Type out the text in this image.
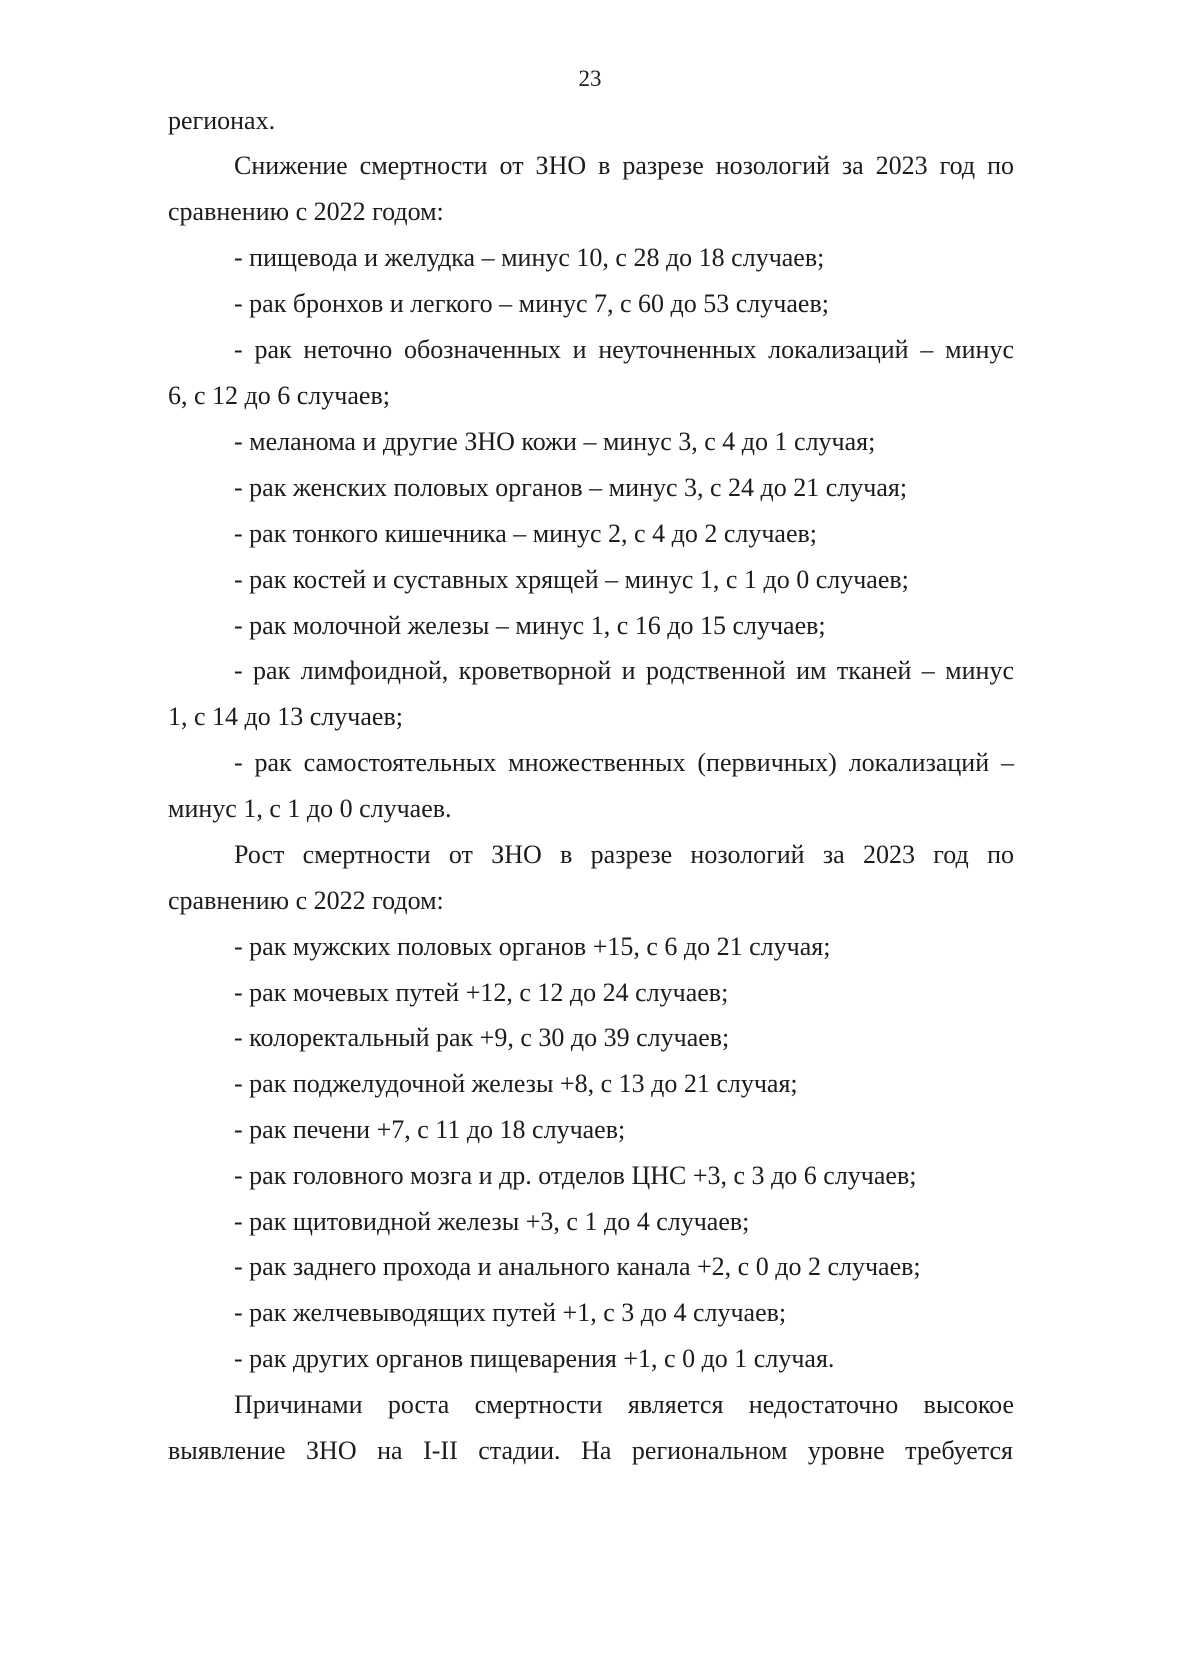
23
регионах.
Снижение смертности от ЗНО в разрезе нозологий за 2023 год по
сравнению с 2022 годом:
- пищевода и желудка – минус 10, с 28 до 18 случаев;
- рак бронхов и легкого – минус 7, с 60 до 53 случаев;
- рак неточно обозначенных и неуточненных локализаций – минус
6, с 12 до 6 случаев;
- меланома и другие ЗНО кожи – минус 3, с 4 до 1 случая;
- рак женских половых органов – минус 3, с 24 до 21 случая;
- рак тонкого кишечника – минус 2, с 4 до 2 случаев;
- рак костей и суставных хрящей – минус 1, с 1 до 0 случаев;
- рак молочной железы – минус 1, с 16 до 15 случаев;
- рак лимфоидной, кроветворной и родственной им тканей – минус
1, с 14 до 13 случаев;
- рак самостоятельных множественных (первичных) локализаций –
минус 1, с 1 до 0 случаев.
Рост смертности от ЗНО в разрезе нозологий за 2023 год по
сравнению с 2022 годом:
- рак мужских половых органов +15, с 6 до 21 случая;
- рак мочевых путей +12, с 12 до 24 случаев;
- колоректальный рак +9, с 30 до 39 случаев;
- рак поджелудочной железы +8, с 13 до 21 случая;
- рак печени +7, с 11 до 18 случаев;
- рак головного мозга и др. отделов ЦНС +3, с 3 до 6 случаев;
- рак щитовидной железы +3, с 1 до 4 случаев;
- рак заднего прохода и анального канала +2, с 0 до 2 случаев;
- рак желчевыводящих путей +1, с 3 до 4 случаев;
- рак других органов пищеварения +1, с 0 до 1 случая.
Причинами роста смертности является недостаточно высокое
выявление ЗНО на I-II стадии. На региональном уровне требуется
